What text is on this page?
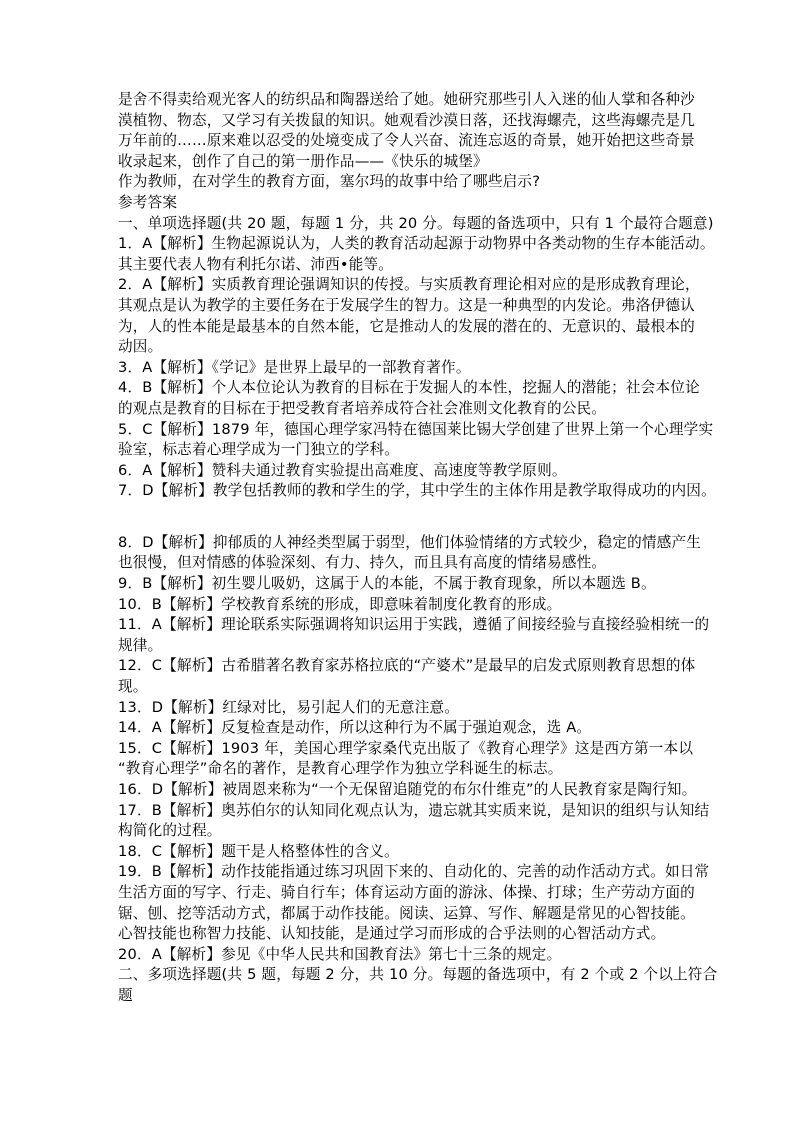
是舍不得卖给观光客人的纺织品和陶器送给了她。她研究那些引人入迷的仙人掌和各种沙
漠植物、物态，又学习有关拨鼠的知识。她观看沙漠日落，还找海螺壳，这些海螺壳是几
万年前的……原来难以忍受的处境变成了令人兴奋、流连忘返的奇景，她开始把这些奇景
收录起来，创作了自己的第一册作品——《快乐的城堡》
作为教师，在对学生的教育方面，塞尔玛的故事中给了哪些启示?
参考答案
一、单项选择题(共 20 题，每题 1 分，共 20 分。每题的备选项中，只有 1 个最符合题意)
1．A【解析】生物起源说认为，人类的教育活动起源于动物界中各类动物的生存本能活动。
其主要代表人物有利托尔诺、沛西•能等。
2．A【解析】实质教育理论强调知识的传授。与实质教育理论相对应的是形成教育理论，
其观点是认为教学的主要任务在于发展学生的智力。这是一种典型的内发论。弗洛伊德认
为，人的性本能是最基本的自然本能，它是推动人的发展的潜在的、无意识的、最根本的
动因。
3．A【解析】《学记》是世界上最早的一部教育著作。
4．B【解析】个人本位论认为教育的目标在于发掘人的本性，挖掘人的潜能；社会本位论
的观点是教育的目标在于把受教育者培养成符合社会准则文化教育的公民。
5．C【解析】1879 年，德国心理学家冯特在德国莱比锡大学创建了世界上第一个心理学实
验室，标志着心理学成为一门独立的学科。
6．A【解析】赞科夫通过教育实验提出高难度、高速度等教学原则。
7．D【解析】教学包括教师的教和学生的学，其中学生的主体作用是教学取得成功的内因。
8．D【解析】抑郁质的人神经类型属于弱型，他们体验情绪的方式较少，稳定的情感产生
也很慢，但对情感的体验深刻、有力、持久，而且具有高度的情绪易感性。
9．B【解析】初生婴儿吸奶，这属于人的本能，不属于教育现象，所以本题选 B。
10．B【解析】学校教育系统的形成，即意味着制度化教育的形成。
11．A【解析】理论联系实际强调将知识运用于实践，遵循了间接经验与直接经验相统一的
规律。
12．C【解析】古希腊著名教育家苏格拉底的“产婆术”是最早的启发式原则教育思想的体
现。
13．D【解析】红绿对比，易引起人们的无意注意。
14．A【解析】反复检查是动作，所以这种行为不属于强迫观念，选 A。
15．C【解析】1903 年，美国心理学家桑代克出版了《教育心理学》这是西方第一本以
“教育心理学”命名的著作，是教育心理学作为独立学科诞生的标志。
16．D【解析】被周恩来称为“一个无保留追随党的布尔什维克”的人民教育家是陶行知。
17．B【解析】奥苏伯尔的认知同化观点认为，遗忘就其实质来说，是知识的组织与认知结
构简化的过程。
18．C【解析】题干是人格整体性的含义。
19．B【解析】动作技能指通过练习巩固下来的、自动化的、完善的动作活动方式。如日常
生活方面的写字、行走、骑自行车；体育运动方面的游泳、体操、打球；生产劳动方面的
锯、刨、挖等活动方式，都属于动作技能。阅读、运算、写作、解题是常见的心智技能。
心智技能也称智力技能、认知技能，是通过学习而形成的合乎法则的心智活动方式。
20．A【解析】参见《中华人民共和国教育法》第七十三条的规定。
二、多项选择题(共 5 题，每题 2 分，共 10 分。每题的备选项中，有 2 个或 2 个以上符合
题
